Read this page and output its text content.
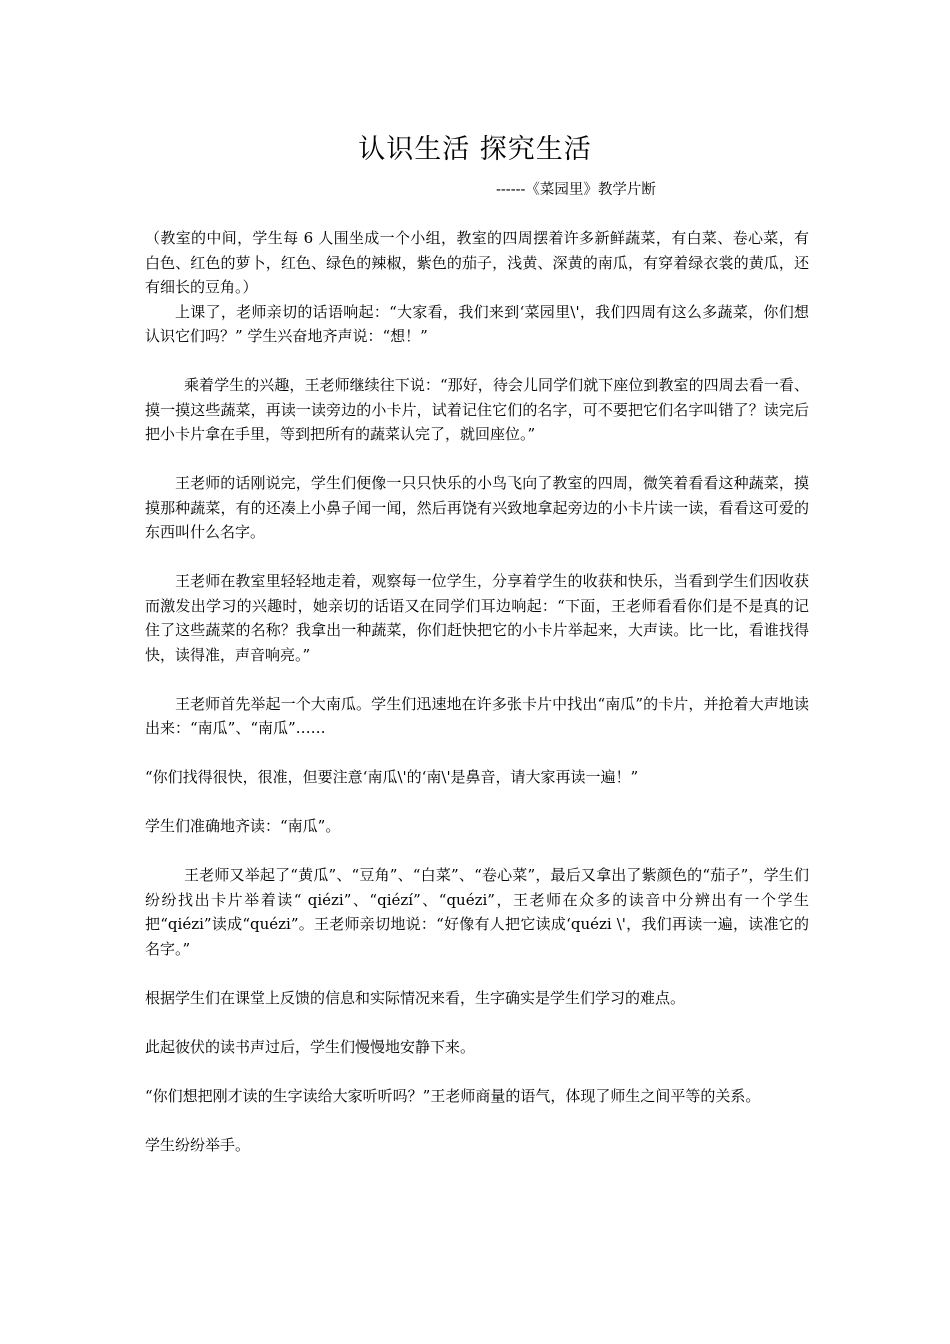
认识生活 探究生活
------《菜园里》教学片断

（教室的中间，学生每 6 人围坐成一个小组，教室的四周摆着许多新鲜蔬菜，有白菜、卷心菜，有白色、红色的萝卜，红色、绿色的辣椒，紫色的茄子，浅黄、深黄的南瓜，有穿着绿衣裳的黄瓜，还有细长的豆角。）

上课了，老师亲切的话语响起：“大家看，我们来到‘菜园里\'，我们四周有这么多蔬菜，你们想认识它们吗？” 学生兴奋地齐声说：“想！”

乘着学生的兴趣，王老师继续往下说：“那好，待会儿同学们就下座位到教室的四周去看一看、摸一摸这些蔬菜，再读一读旁边的小卡片，试着记住它们的名字，可不要把它们名字叫错了？读完后把小卡片拿在手里，等到把所有的蔬菜认完了，就回座位。”

王老师的话刚说完，学生们便像一只只快乐的小鸟飞向了教室的四周，微笑着看看这种蔬菜，摸摸那种蔬菜，有的还凑上小鼻子闻一闻，然后再饶有兴致地拿起旁边的小卡片读一读，看看这可爱的东西叫什么名字。

王老师在教室里轻轻地走着，观察每一位学生，分享着学生的收获和快乐，当看到学生们因收获而激发出学习的兴趣时，她亲切的话语又在同学们耳边响起：“下面，王老师看看你们是不是真的记住了这些蔬菜的名称？我拿出一种蔬菜，你们赶快把它的小卡片举起来，大声读。比一比，看谁找得快，读得准，声音响亮。”

王老师首先举起一个大南瓜。学生们迅速地在许多张卡片中找出“南瓜”的卡片，并抢着大声地读出来：“南瓜”、“南瓜”……

“你们找得很快，很准，但要注意‘南瓜\'的‘南\'是鼻音，请大家再读一遍！”

学生们准确地齐读：“南瓜”。

王老师又举起了“黄瓜”、“豆角”、“白菜”、“卷心菜”，最后又拿出了紫颜色的“茄子”，学生们纷纷找出卡片举着读“ qiézi”、“qiézí”、“quézi”，王老师在众多的读音中分辨出有一个学生把“qiézi”读成“quézi”。王老师亲切地说：“好像有人把它读成‘quézi \'，我们再读一遍，读准它的名字。”

根据学生们在课堂上反馈的信息和实际情况来看，生字确实是学生们学习的难点。

此起彼伏的读书声过后，学生们慢慢地安静下来。

“你们想把刚才读的生字读给大家听听吗？”王老师商量的语气，体现了师生之间平等的关系。

学生纷纷举手。
